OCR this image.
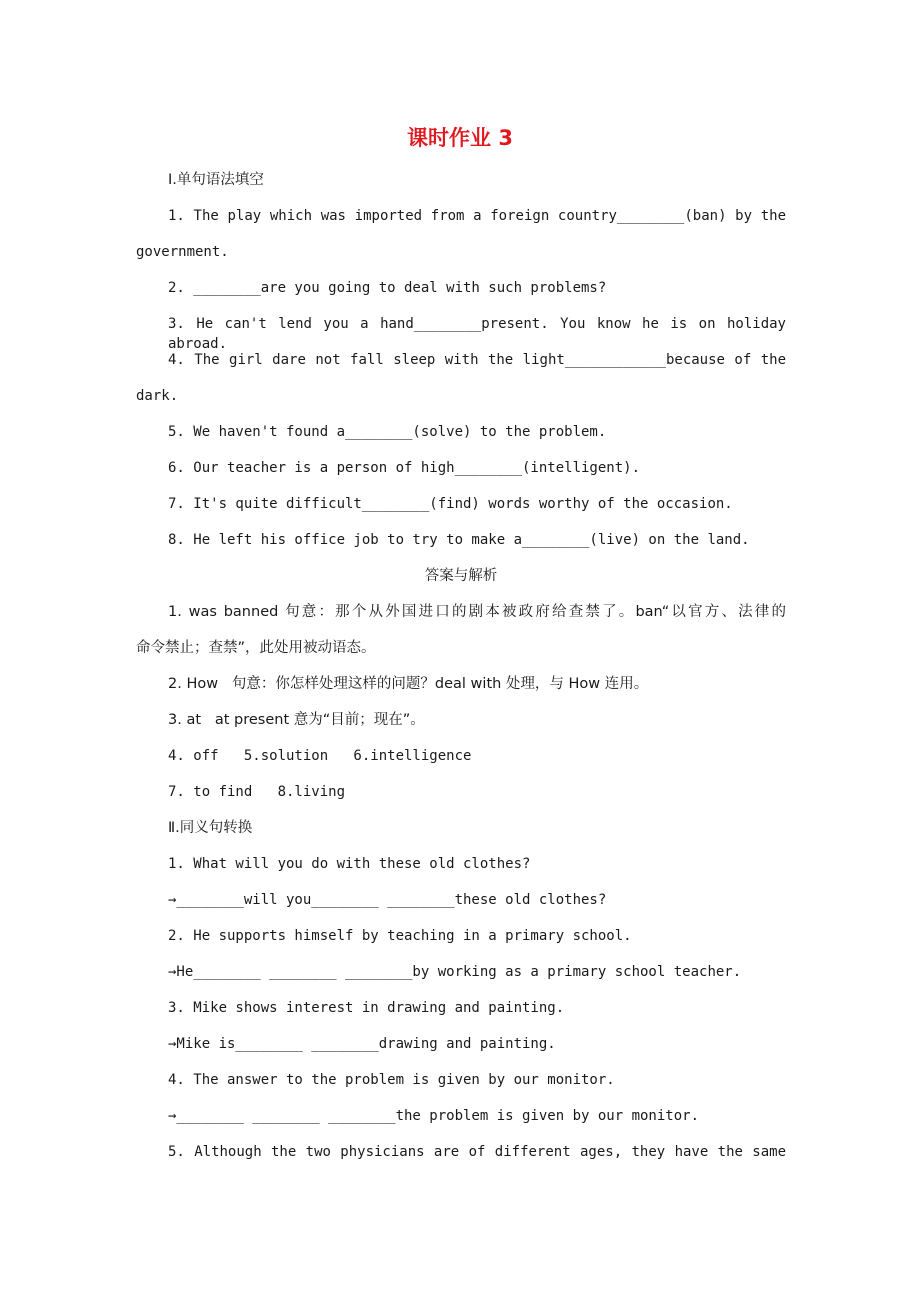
课时作业 3
Ⅰ.单句语法填空
1. The play which was imported from a foreign country________(ban) by the
government.
2. ________are you going to deal with such problems?
3. He can't lend you a hand________present. You know he is on holiday abroad.
4. The girl dare not fall sleep with the light____________because of the
dark.
5. We haven't found a________(solve) to the problem.
6. Our teacher is a person of high________(intelligent).
7. It's quite difficult________(find) words worthy of the occasion.
8. He left his office job to try to make a________(live) on the land.
答案与解析
1. was banned 句意：那个从外国进口的剧本被政府给查禁了。ban“以官方、法律的
命令禁止；查禁”，此处用被动语态。
2. How   句意：你怎样处理这样的问题？deal with 处理，与 How 连用。
3. at   at present 意为“目前；现在”。
4. off   5.solution   6.intelligence
7. to find   8.living
Ⅱ.同义句转换
1. What will you do with these old clothes?
→________will you________ ________these old clothes?
2. He supports himself by teaching in a primary school.
→He________ ________ ________by working as a primary school teacher.
3. Mike shows interest in drawing and painting.
→Mike is________ ________drawing and painting.
4. The answer to the problem is given by our monitor.
→________ ________ ________the problem is given by our monitor.
5. Although the two physicians are of different ages, they have the same
